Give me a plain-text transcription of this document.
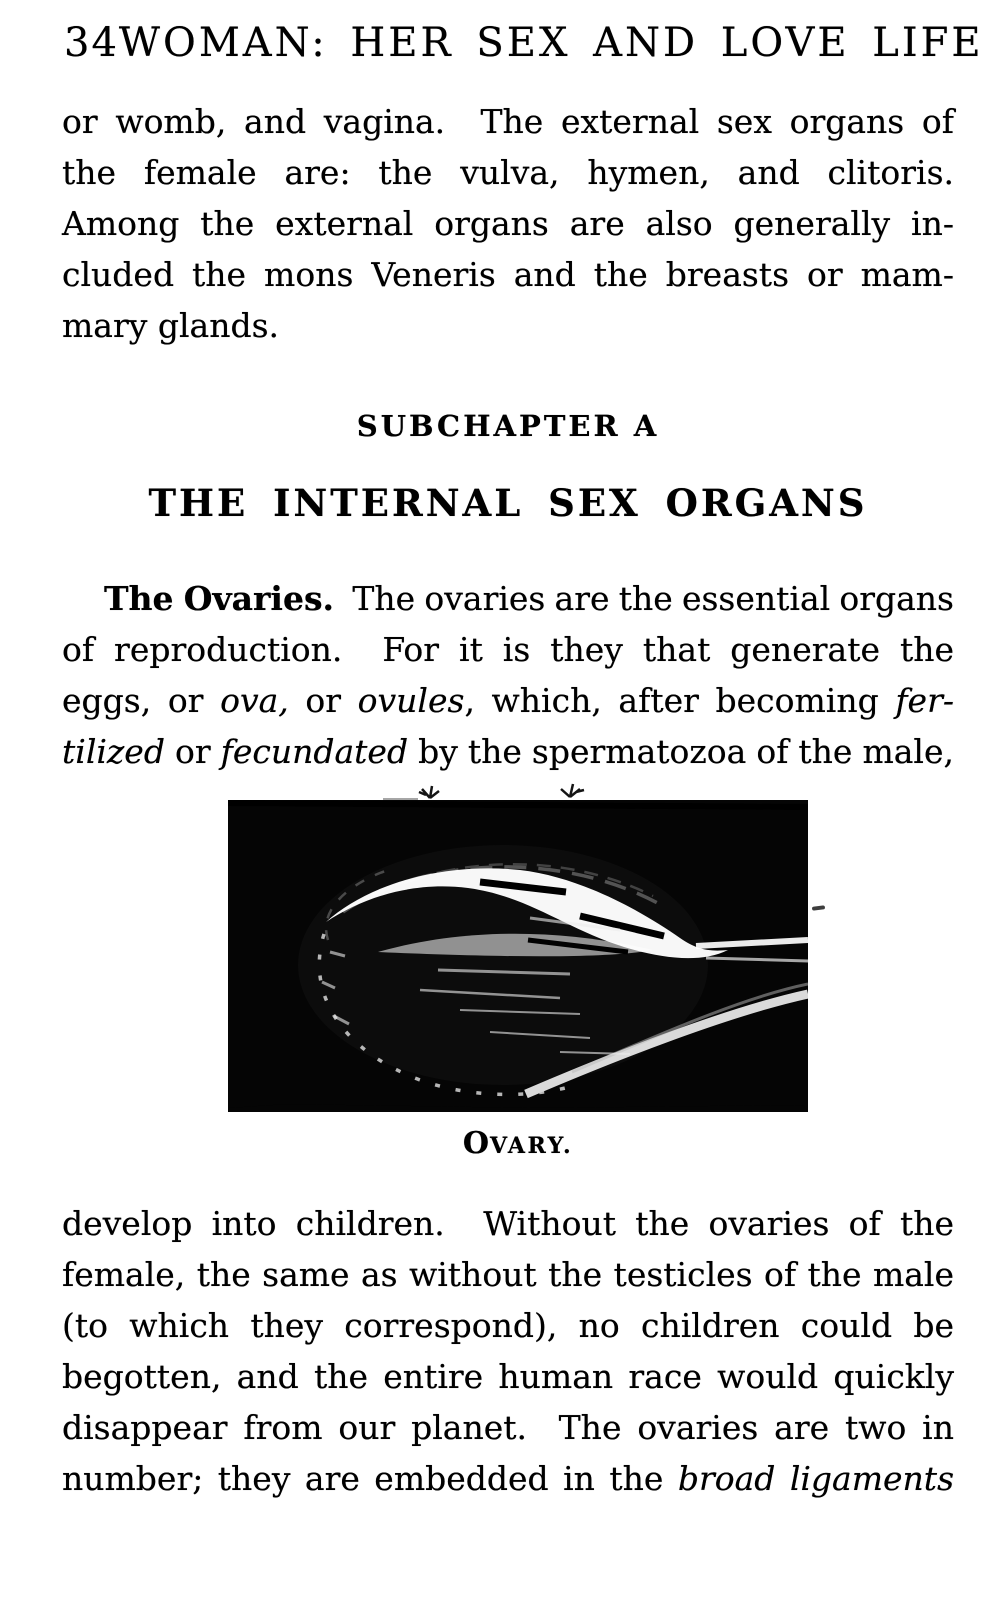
34 WOMAN: HER SEX AND LOVE LIFE
or womb, and vagina.  The external sex organs of
the female are: the vulva, hymen, and clitoris.
Among the external organs are also generally in-
cluded the mons Veneris and the breasts or mam-
mary glands.
SUBCHAPTER A
THE INTERNAL SEX ORGANS
The Ovaries.  The ovaries are the essential organs
of reproduction.  For it is they that generate the
eggs, or ova, or ovules, which, after becoming fer-
tilized or fecundated by the spermatozoa of the male,
OVARY.
develop into children.  Without the ovaries of the
female, the same as without the testicles of the male
(to which they correspond), no children could be
begotten, and the entire human race would quickly
disappear from our planet.  The ovaries are two in
number; they are embedded in the broad ligaments
